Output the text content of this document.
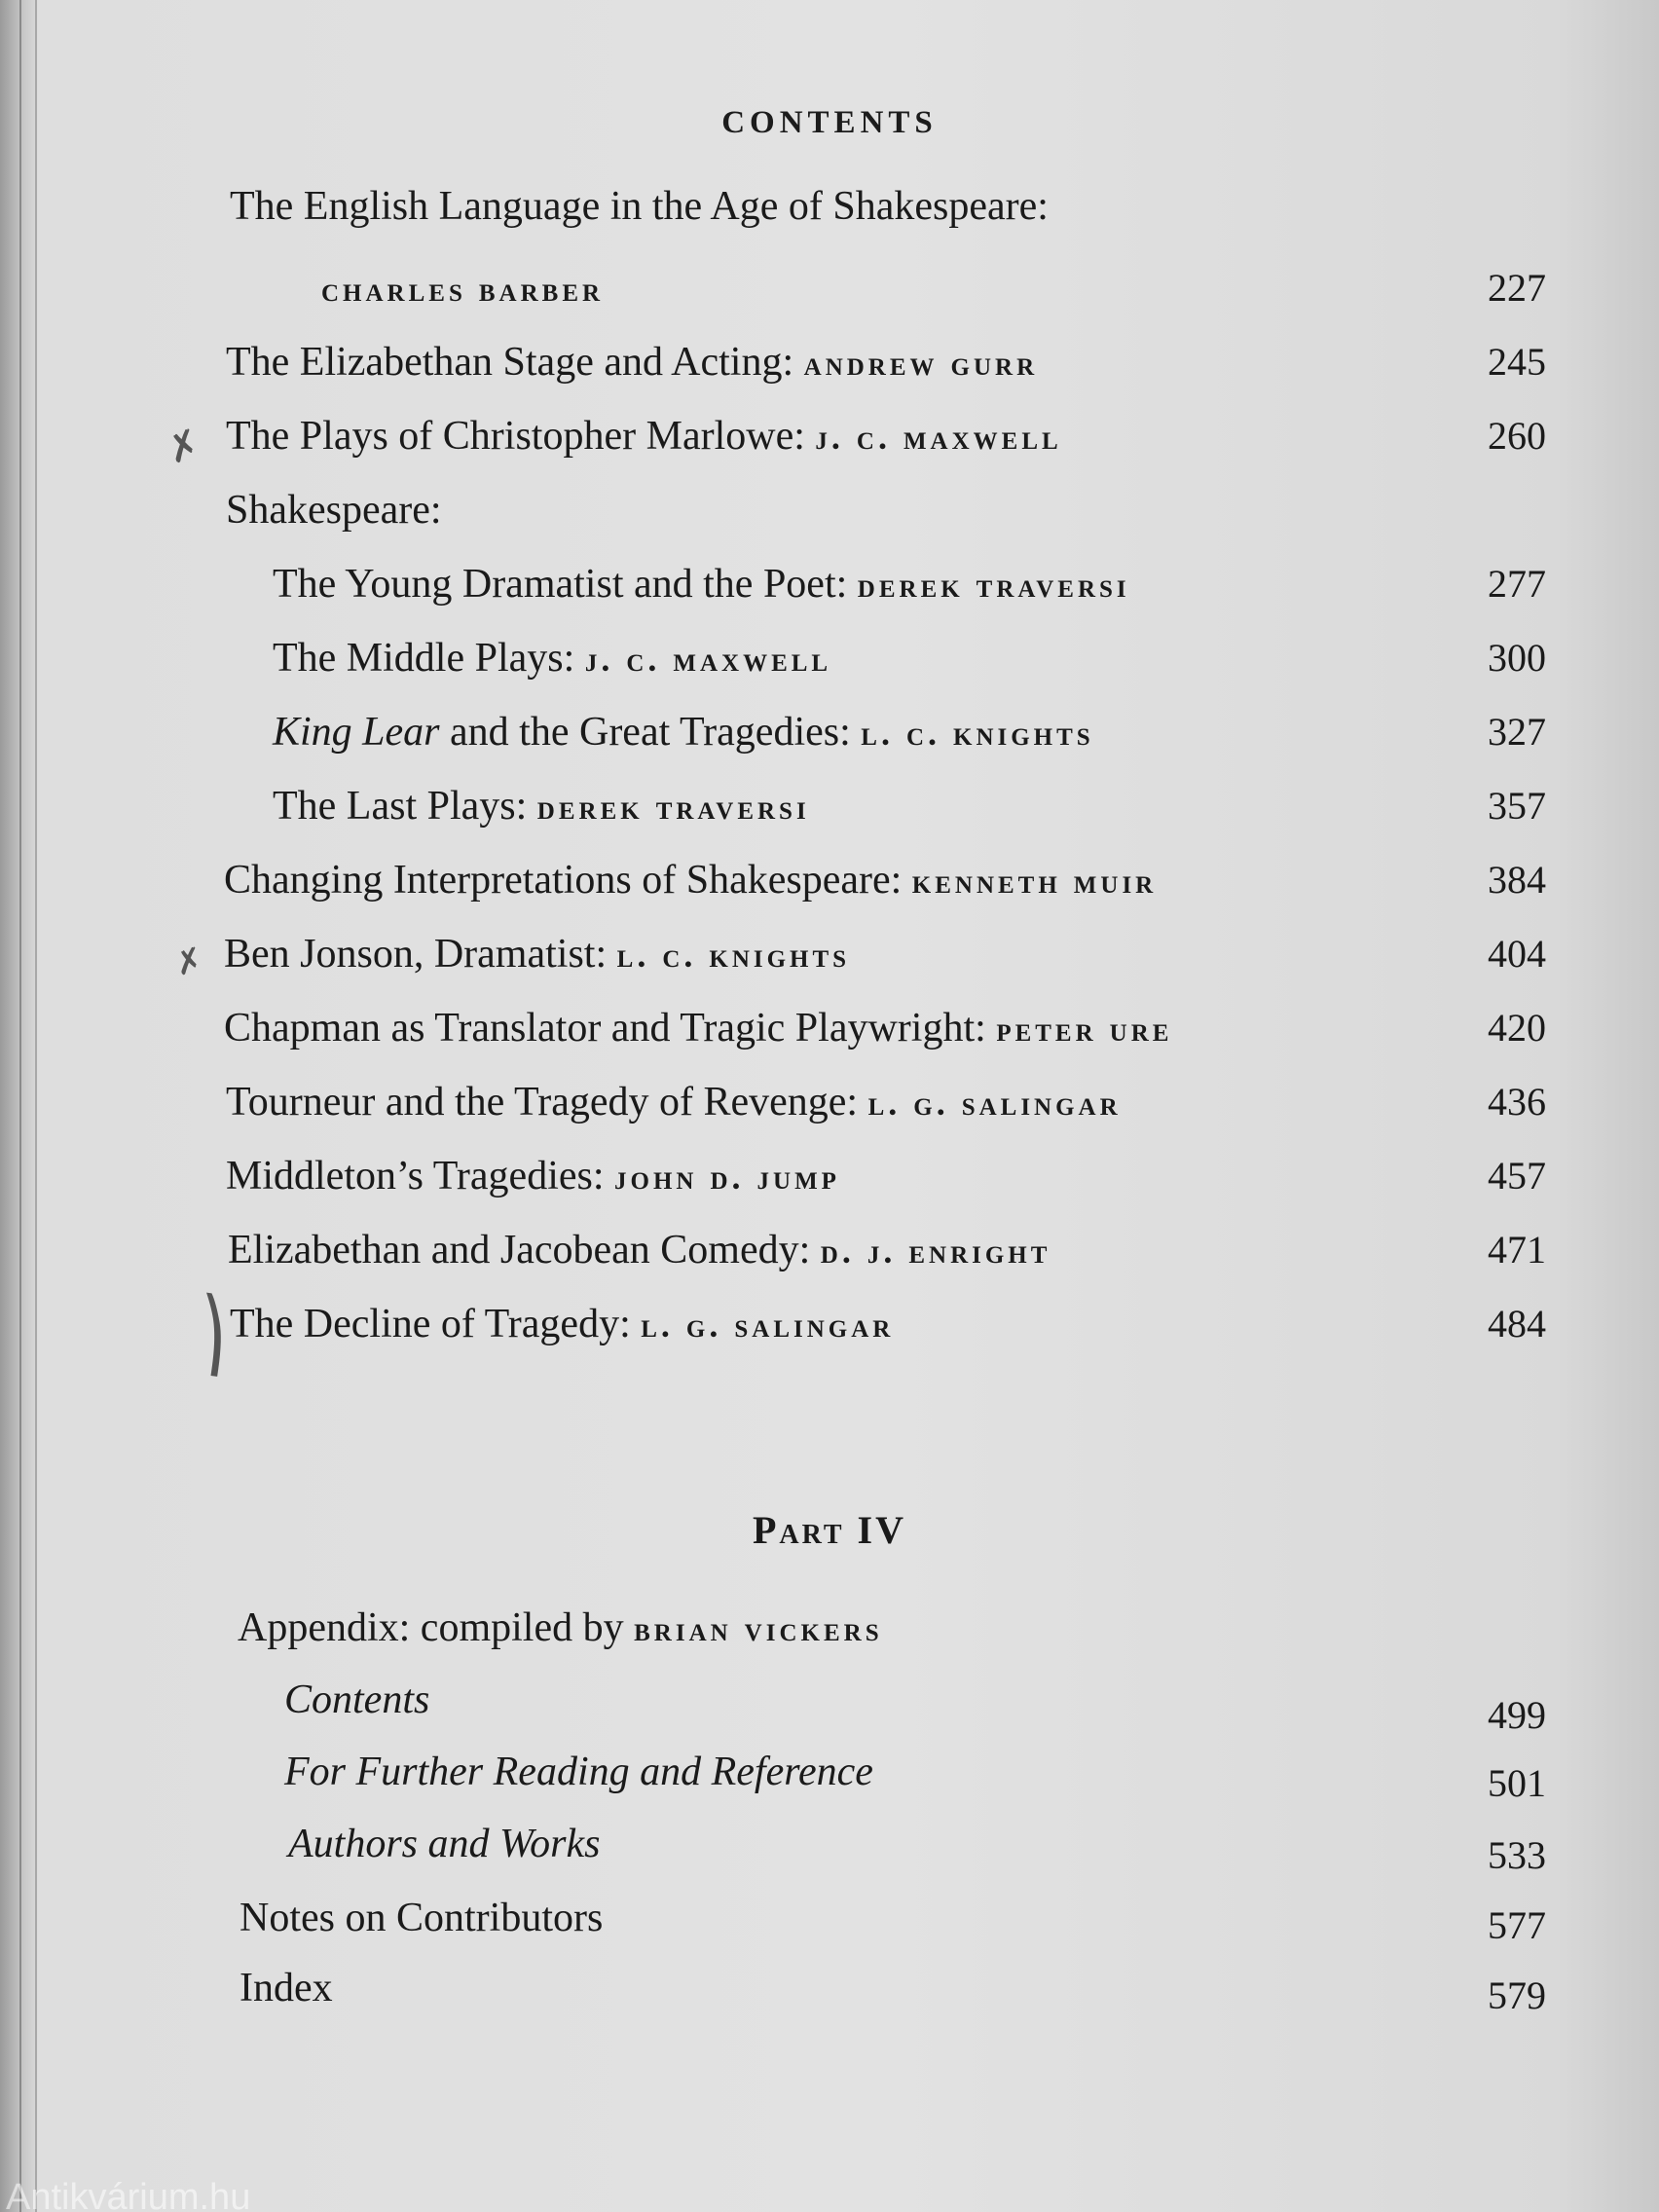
CONTENTS
The English Language in the Age of Shakespeare:
charles barber	227
The Elizabethan Stage and Acting: andrew gurr	245
The Plays of Christopher Marlowe: j. c. maxwell	260
Shakespeare:
The Young Dramatist and the Poet: derek traversi	277
The Middle Plays: j. c. maxwell	300
King Lear and the Great Tragedies: l. c. knights	327
The Last Plays: derek traversi	357
Changing Interpretations of Shakespeare: kenneth muir	384
Ben Jonson, Dramatist: l. c. knights	404
Chapman as Translator and Tragic Playwright: peter ure	420
Tourneur and the Tragedy of Revenge: l. g. salingar	436
Middleton’s Tragedies: john d. jump	457
Elizabethan and Jacobean Comedy: d. j. enright	471
The Decline of Tragedy: l. g. salingar	484
Part IV
Appendix: compiled by brian vickers
Contents	499
For Further Reading and Reference	501
Authors and Works	533
Notes on Contributors	577
Index	579
✗
✗
⎞
Antikvárium.hu
